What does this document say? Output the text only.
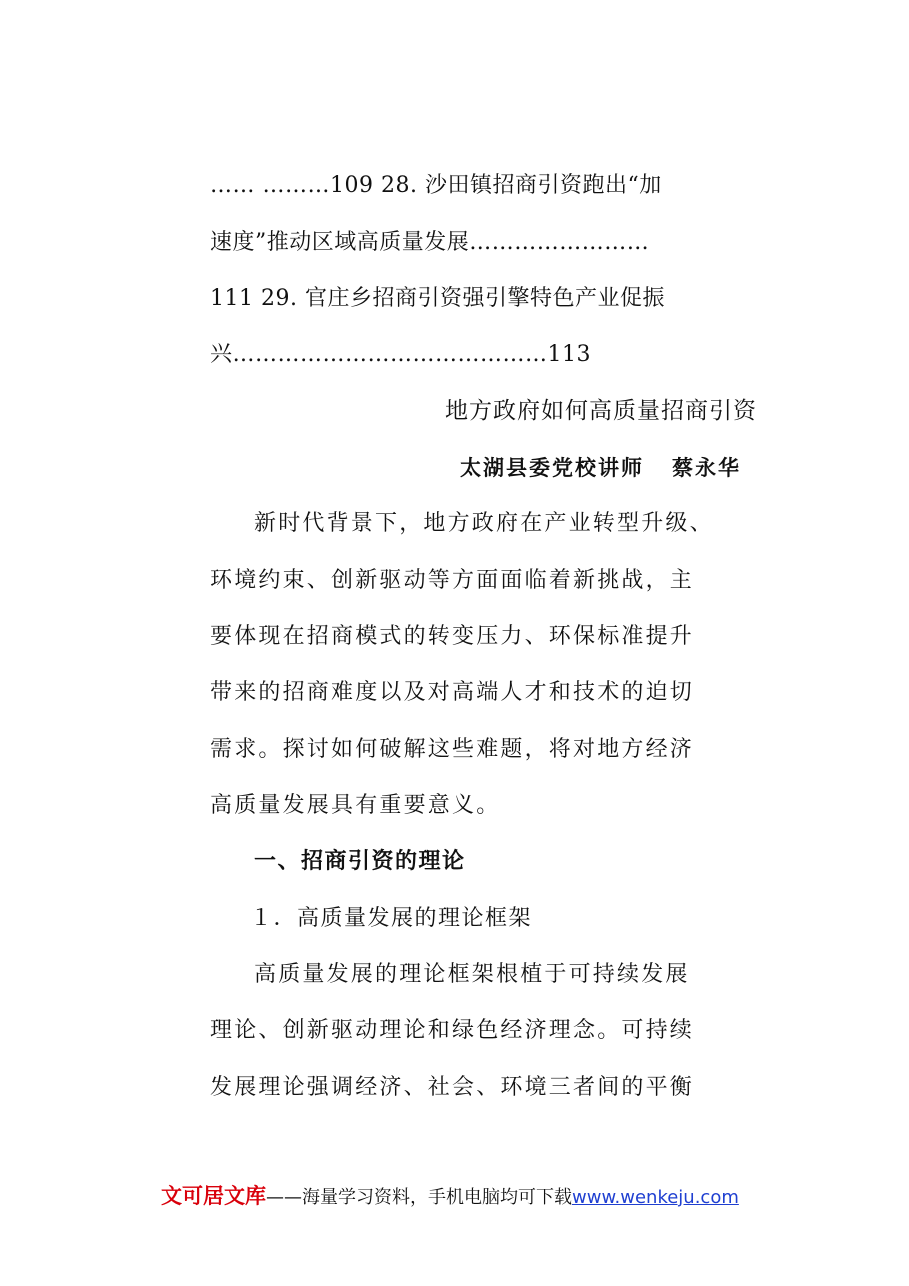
…… ………109 28. 沙田镇招商引资跑出“加
速度”推动区域高质量发展……………………
111 29. 官庄乡招商引资强引擎特色产业促振
兴……………………………………113
地方政府如何高质量招商引资
太湖县委党校讲师 蔡永华
新时代背景下，地方政府在产业转型升级、
环境约束、创新驱动等方面面临着新挑战，主
要体现在招商模式的转变压力、环保标准提升
带来的招商难度以及对高端人才和技术的迫切
需求。探讨如何破解这些难题，将对地方经济
高质量发展具有重要意义。
一、招商引资的理论
１．高质量发展的理论框架
高质量发展的理论框架根植于可持续发展
理论、创新驱动理论和绿色经济理念。可持续
发展理论强调经济、社会、环境三者间的平衡
文可居文库——海量学习资料，手机电脑均可下载www.wenkeju.com
